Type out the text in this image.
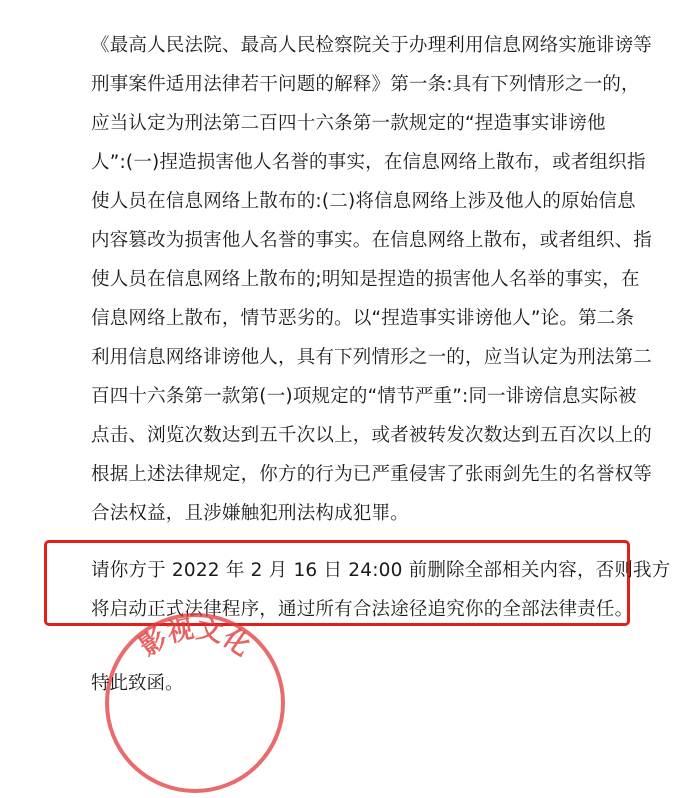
《最高人民法院、最高人民检察院关于办理利用信息网络实施诽谤等
刑事案件适用法律若干问题的解释》第一条:具有下列情形之一的，
应当认定为刑法第二百四十六条第一款规定的“捏造事实诽谤他
人”:(一)捏造损害他人名誉的事实，在信息网络上散布，或者组织指
使人员在信息网络上散布的:(二)将信息网络上涉及他人的原始信息
内容篡改为损害他人名誉的事实。在信息网络上散布，或者组织、指
使人员在信息网络上散布的;明知是捏造的损害他人名举的事实，在
信息网络上散布，情节恶劣的。以“捏造事实诽谤他人”论。第二条
利用信息网络诽谤他人，具有下列情形之一的，应当认定为刑法第二
百四十六条第一款第(一)项规定的“情节严重”:同一诽谤信息实际被
点击、浏览次数达到五千次以上，或者被转发次数达到五百次以上的
根据上述法律规定，你方的行为已严重侵害了张雨剑先生的名誉权等
合法权益，且涉嫌触犯刑法构成犯罪。
请你方于 2022 年 2 月 16 日 24:00 前删除全部相关内容，否则我方
将启动正式法律程序，通过所有合法途径追究你的全部法律责任。
影视文化
特此致函。
